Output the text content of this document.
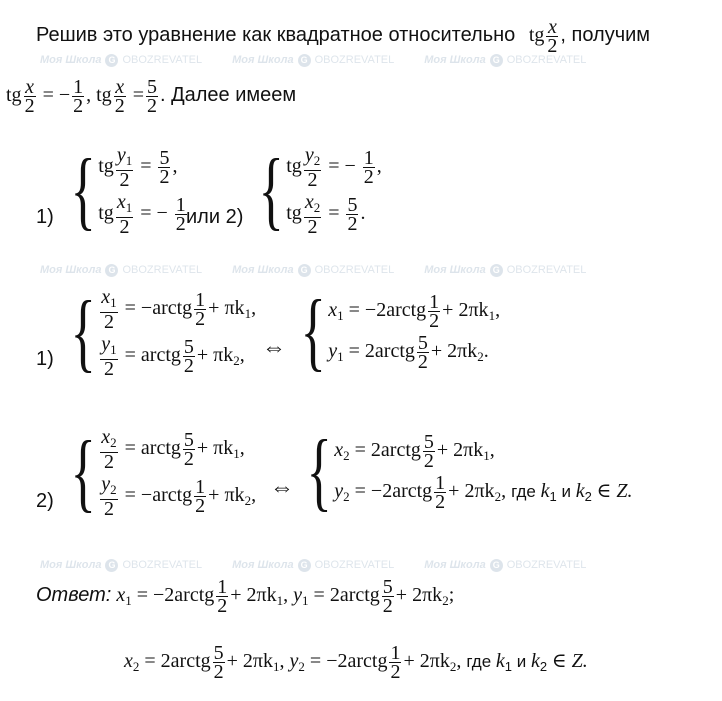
Моя Школа G OBOZREVATEL	Моя Школа G OBOZREVATEL	Моя Школа G OBOZREVATEL
Моя Школа G OBOZREVATEL	Моя Школа G OBOZREVATEL	Моя Школа G OBOZREVATEL
Моя Школа G OBOZREVATEL	Моя Школа G OBOZREVATEL	Моя Школа G OBOZREVATEL
Решив это уравнение как квадратное относительно tg $\frac{x}{2}$ , получим
tg $\frac{x}{2}$ = − $\frac{1}{2}$ , tg $\frac{x}{2} = \frac{5}{2}$ . Далее имеем
1) { tg $\frac{y_1}{2} = \frac{5}{2}$ ,
tg $\frac{x_1}{2}$ = − $\frac{1}{2}$ или 2) { tg $\frac{y_2}{2}$ = − $\frac{1}{2}$ ,
tg $\frac{x_2}{2} = \frac{5}{2}$ .
1) { $\frac{x_1}{2}$ = −arctg $\frac{1}{2} + \pi k_1$,
$\frac{y_1}{2}$ = arctg $\frac{5}{2} + \pi k_2$, ⇔ { $x_1$ = −2arctg $\frac{1}{2} + 2\pi k_1$,
$y_1$ = 2arctg $\frac{5}{2} + 2\pi k_2$.
2) { $\frac{x_2}{2}$ = arctg $\frac{5}{2} + \pi k_1$,
$\frac{y_2}{2}$ = −arctg $\frac{1}{2} + \pi k_2$, ⇔ { $x_2$ = 2arctg $\frac{5}{2} + 2\pi k_1$,
$y_2$ = −2arctg $\frac{1}{2} + 2\pi k_2$, где $k_1$ и $k_2$ ∈ Z.
Ответ: $x_1$ = −2arctg $\frac{1}{2} + 2\pi k_1$, $y_1$ = 2arctg $\frac{5}{2} + 2\pi k_2$;
$x_2$ = 2arctg $\frac{5}{2} + 2\pi k_1$, $y_2$ = −2arctg $\frac{1}{2} + 2\pi k_2$, где $k_1$ и $k_2$ ∈ Z.
